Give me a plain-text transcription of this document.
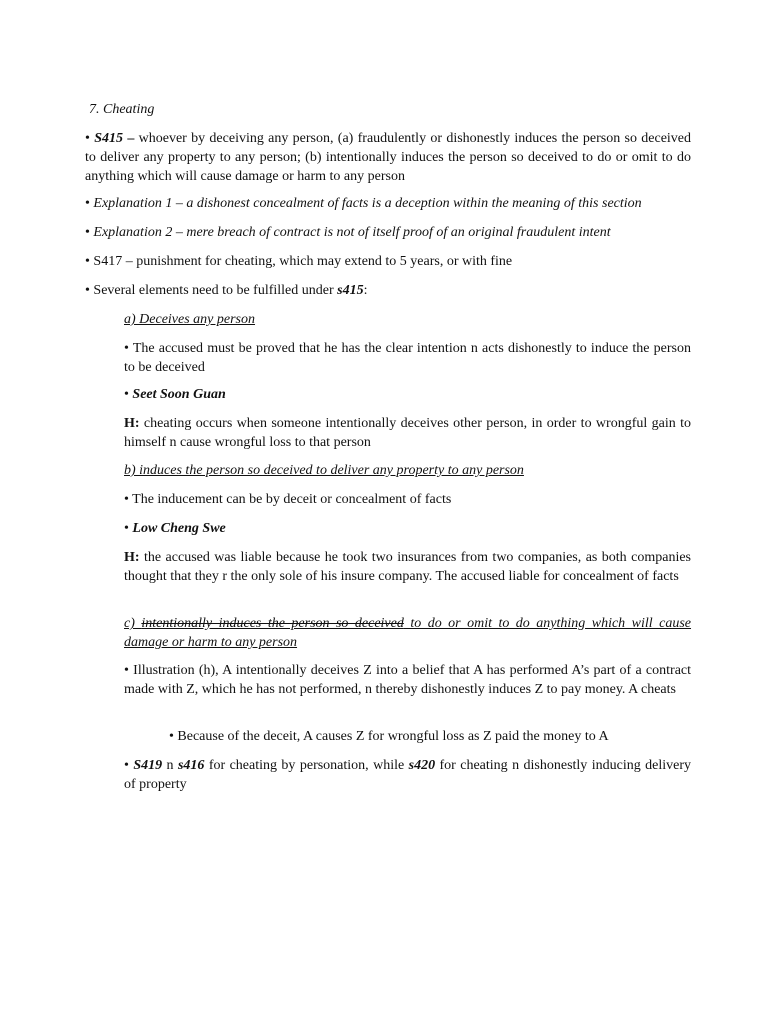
7. Cheating

• S415 – whoever by deceiving any person, (a) fraudulently or dishonestly induces the person so deceived to deliver any property to any person; (b) intentionally induces the person so deceived to do or omit to do anything which will cause damage or harm to any person

• Explanation 1 – a dishonest concealment of facts is a deception within the meaning of this section

• Explanation 2 – mere breach of contract is not of itself proof of an original fraudulent intent

• S417 – punishment for cheating, which may extend to 5 years, or with fine

• Several elements need to be fulfilled under s415:

a) Deceives any person

• The accused must be proved that he has the clear intention n acts dishonestly to induce the person to be deceived

• Seet Soon Guan

H: cheating occurs when someone intentionally deceives other person, in order to wrongful gain to himself n cause wrongful loss to that person

b) induces the person so deceived to deliver any property to any person

• The inducement can be by deceit or concealment of facts

• Low Cheng Swe

H: the accused was liable because he took two insurances from two companies, as both companies thought that they r the only sole of his insure company. The accused liable for concealment of facts

c) intentionally induces the person so deceived to do or omit to do anything which will cause damage or harm to any person

• Illustration (h), A intentionally deceives Z into a belief that A has performed A’s part of a contract made with Z, which he has not performed, n thereby dishonestly induces Z to pay money. A cheats

• Because of the deceit, A causes Z for wrongful loss as Z paid the money to A

• S419 n s416 for cheating by personation, while s420 for cheating n dishonestly inducing delivery of property
